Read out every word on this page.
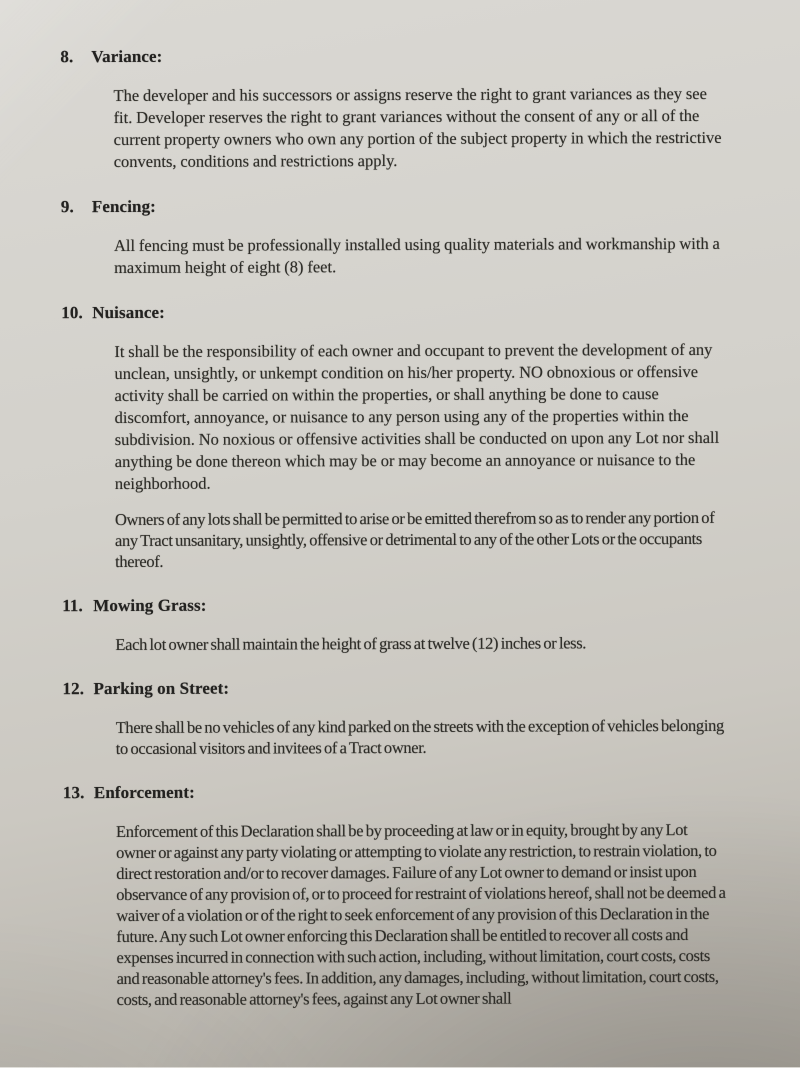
8. Variance:

The developer and his successors or assigns reserve the right to grant variances as they see fit. Developer reserves the right to grant variances without the consent of any or all of the current property owners who own any portion of the subject property in which the restrictive convents, conditions and restrictions apply.

9. Fencing:

All fencing must be professionally installed using quality materials and workmanship with a maximum height of eight (8) feet.

10. Nuisance:

It shall be the responsibility of each owner and occupant to prevent the development of any unclean, unsightly, or unkempt condition on his/her property. NO obnoxious or offensive activity shall be carried on within the properties, or shall anything be done to cause discomfort, annoyance, or nuisance to any person using any of the properties within the subdivision. No noxious or offensive activities shall be conducted on upon any Lot nor shall anything be done thereon which may be or may become an annoyance or nuisance to the neighborhood.

Owners of any lots shall be permitted to arise or be emitted therefrom so as to render any portion of any Tract unsanitary, unsightly, offensive or detrimental to any of the other Lots or the occupants thereof.

11. Mowing Grass:

Each lot owner shall maintain the height of grass at twelve (12) inches or less.

12. Parking on Street:

There shall be no vehicles of any kind parked on the streets with the exception of vehicles belonging to occasional visitors and invitees of a Tract owner.

13. Enforcement:

Enforcement of this Declaration shall be by proceeding at law or in equity, brought by any Lot owner or against any party violating or attempting to violate any restriction, to restrain violation, to direct restoration and/or to recover damages. Failure of any Lot owner to demand or insist upon observance of any provision of, or to proceed for restraint of violations hereof, shall not be deemed a waiver of a violation or of the right to seek enforcement of any provision of this Declaration in the future. Any such Lot owner enforcing this Declaration shall be entitled to recover all costs and expenses incurred in connection with such action, including, without limitation, court costs, costs and reasonable attorney's fees. In addition, any damages, including, without limitation, court costs, costs, and reasonable attorney's fees, against any Lot owner shall
